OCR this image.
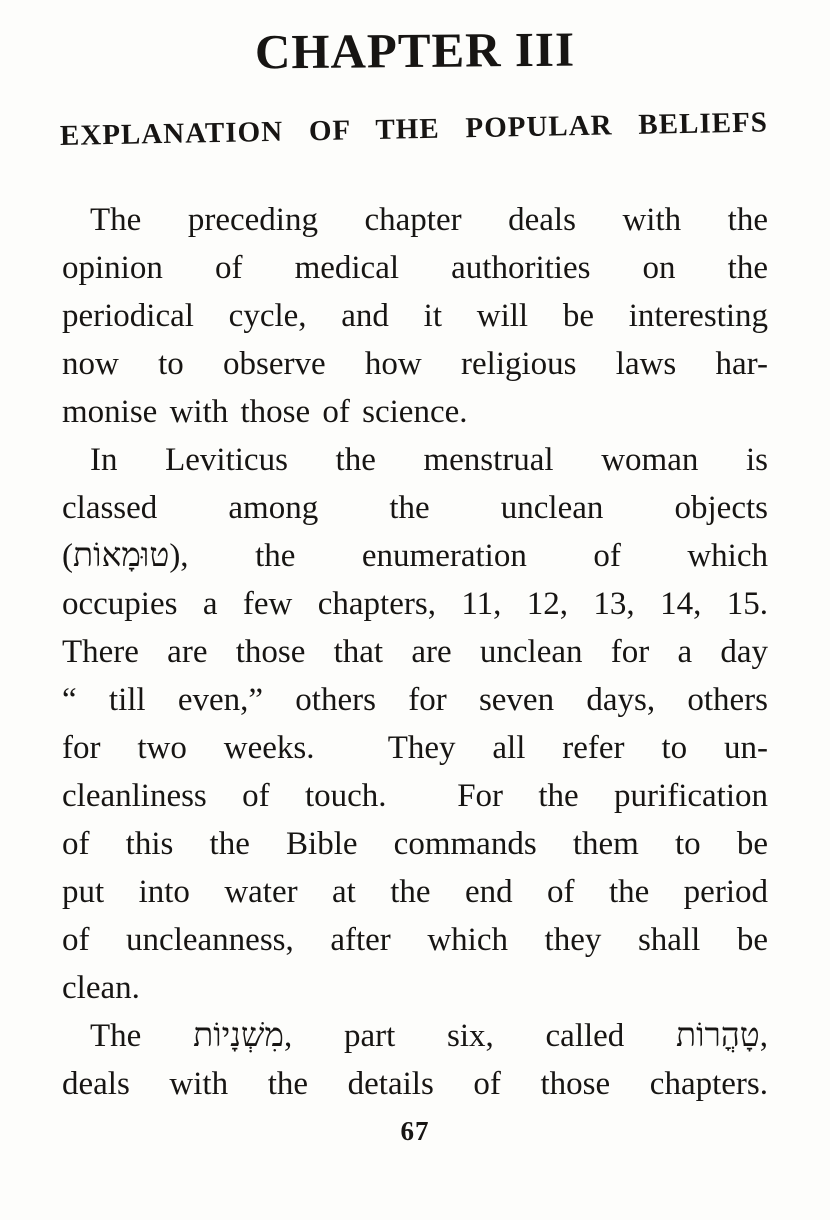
CHAPTER III
EXPLANATION OF THE POPULAR BELIEFS
The preceding chapter deals with the
opinion of medical authorities on the
periodical cycle, and it will be interesting
now to observe how religious laws har-
monise with those of science.
In Leviticus the menstrual woman is
classed among the unclean objects
(טוּמָאוֹת), the enumeration of which
occupies a few chapters, 11, 12, 13, 14, 15.
There are those that are unclean for a day
“ till even,” others for seven days, others
for two weeks.  They all refer to un-
cleanliness of touch.  For the purification
of this the Bible commands them to be
put into water at the end of the period
of uncleanness, after which they shall be
clean.
The מִשְׁנָיוֹת, part six, called טָהֳרוֹת,
deals with the details of those chapters.
67
